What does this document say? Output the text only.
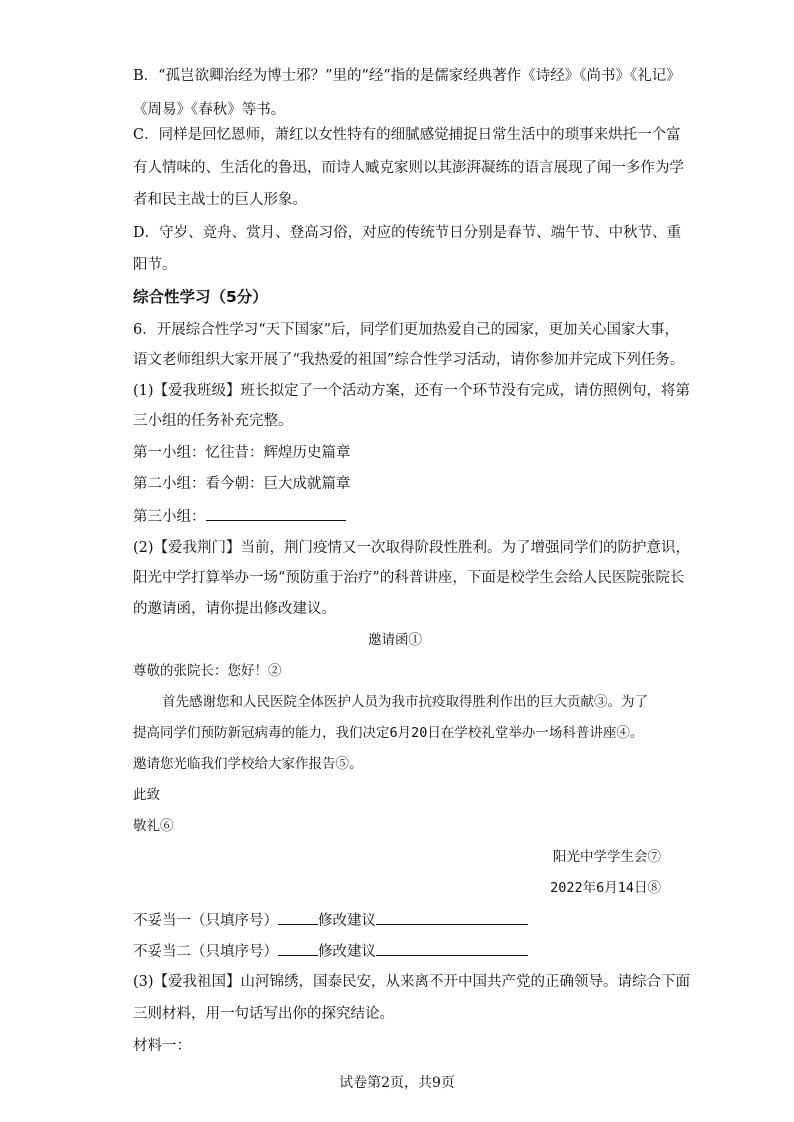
B．“孤岂欲卿治经为博士邪？”里的“经”指的是儒家经典著作《诗经》《尚书》《礼记》
《周易》《春秋》等书。
C．同样是回忆恩师，萧红以女性特有的细腻感觉捕捉日常生活中的琐事来烘托一个富
有人情味的、生活化的鲁迅，而诗人臧克家则以其澎湃凝练的语言展现了闻一多作为学
者和民主战士的巨人形象。
D．守岁、竞舟、赏月、登高习俗，对应的传统节日分别是春节、端午节、中秋节、重
阳节。
综合性学习（5分）
6．开展综合性学习“天下国家”后，同学们更加热爱自己的园家，更加关心国家大事，
语文老师组织大家开展了“我热爱的祖国”综合性学习活动，请你参加并完成下列任务。
(1)【爱我班级】班长拟定了一个活动方案，还有一个环节没有完成，请仿照例句，将第
三小组的任务补充完整。
第一小组：忆往昔：辉煌历史篇章
第二小组：看今朝：巨大成就篇章
第三小组：
(2)【爱我荆门】当前，荆门疫情又一次取得阶段性胜利。为了增强同学们的防护意识，
阳光中学打算举办一场“预防重于治疗”的科普讲座，下面是校学生会给人民医院张院长
的邀请函，请你提出修改建议。
邀请函①
尊敬的张院长：您好！②
首先感谢您和人民医院全体医护人员为我市抗疫取得胜利作出的巨大贡献③。为了
提高同学们预防新冠病毒的能力，我们决定6月20日在学校礼堂举办一场科普讲座④。
邀请您光临我们学校给大家作报告⑤。
此致
敬礼⑥
阳光中学学生会⑦
2022年6月14日⑧
不妥当一（只填序号）	修改建议
不妥当二（只填序号）	修改建议
(3)【爱我祖国】山河锦绣，国泰民安，从来离不开中国共产党的正确领导。请综合下面
三则材料，用一句话写出你的探究结论。
材料一：
试卷第2页，共9页
